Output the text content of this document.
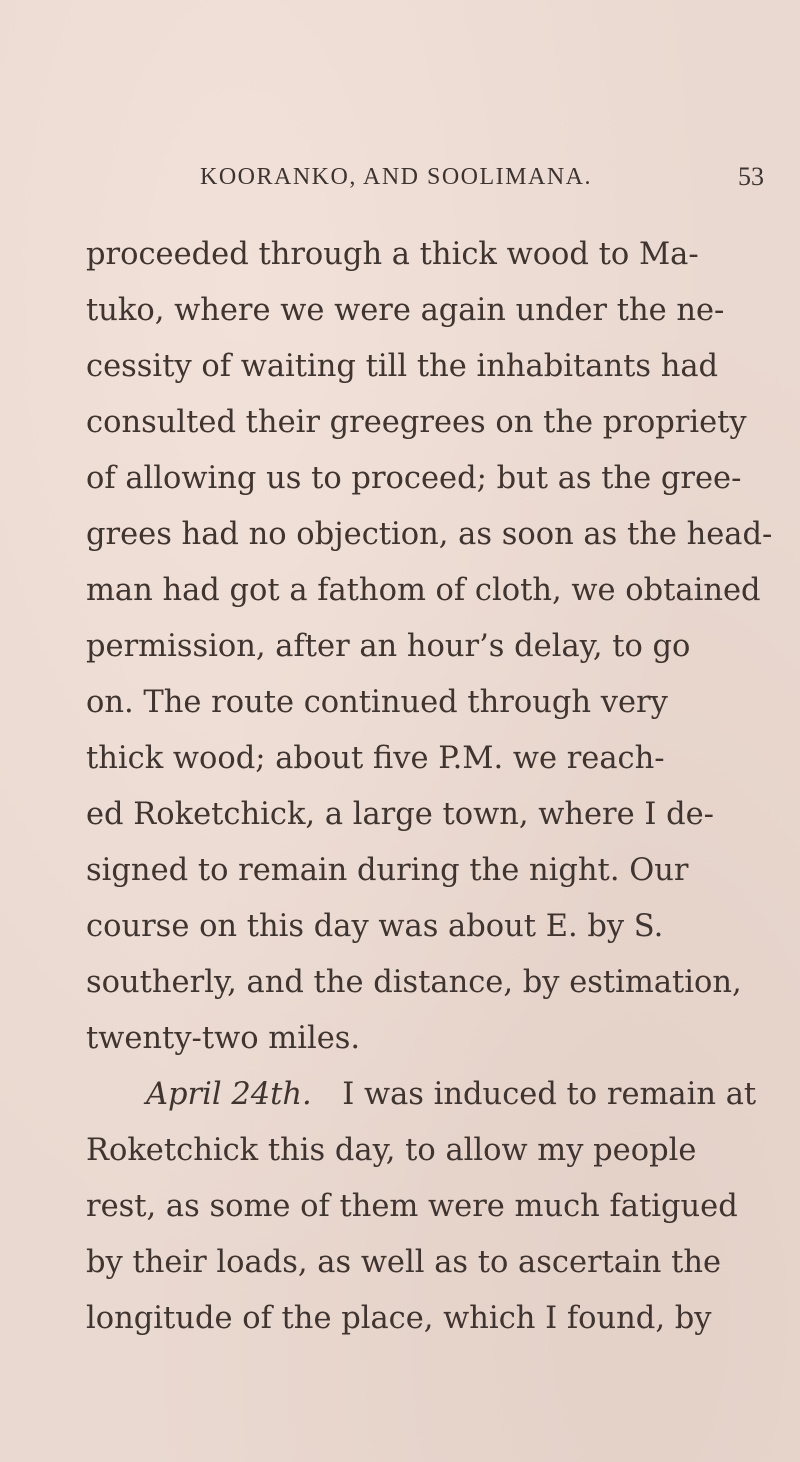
KOORANKO, AND SOOLIMANA.	53
proceeded through a thick wood to Ma-
tuko, where we were again under the ne-
cessity of waiting till the inhabitants had
consulted their greegrees on the propriety
of allowing us to proceed; but as the gree-
grees had no objection, as soon as the head-
man had got a fathom of cloth, we obtained
permission, after an hour’s delay, to go
on. The route continued through very
thick wood; about five P.M. we reach-
ed Roketchick, a large town, where I de-
signed to remain during the night. Our
course on this day was about E. by S.
southerly, and the distance, by estimation,
twenty-two miles.
April 24th.  I was induced to remain at
Roketchick this day, to allow my people
rest, as some of them were much fatigued
by their loads, as well as to ascertain the
longitude of the place, which I found, by
